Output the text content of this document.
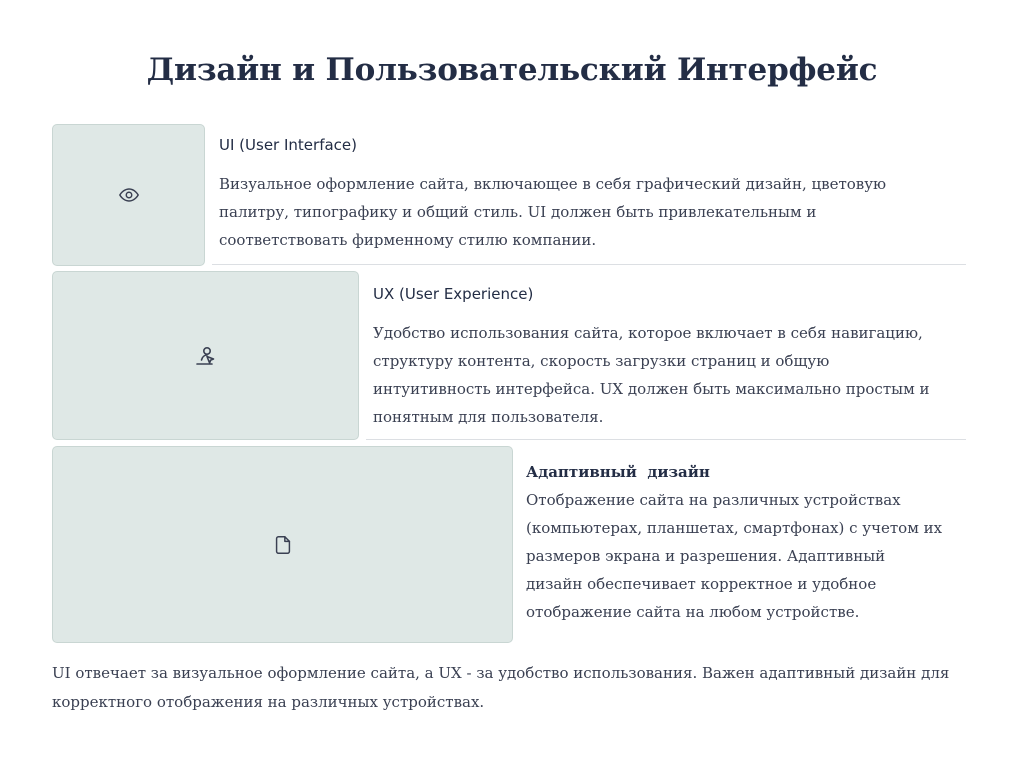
Дизайн и Пользовательский Интерфейс

UI (User Interface)

Визуальное оформление сайта, включающее в себя графический дизайн, цветовую палитру, типографику и общий стиль. UI должен быть привлекательным и соответствовать фирменному стилю компании.

UX (User Experience)

Удобство использования сайта, которое включает в себя навигацию, структуру контента, скорость загрузки страниц и общую интуитивность интерфейса. UX должен быть максимально простым и понятным для пользователя.

Адаптивный  дизайн

Отображение сайта на различных устройствах (компьютерах, планшетах, смартфонах) с учетом их размеров экрана и разрешения. Адаптивный дизайн обеспечивает корректное и удобное отображение сайта на любом устройстве.

UI отвечает за визуальное оформление сайта, а UX - за удобство использования. Важен адаптивный дизайн для корректного отображения на различных устройствах.
